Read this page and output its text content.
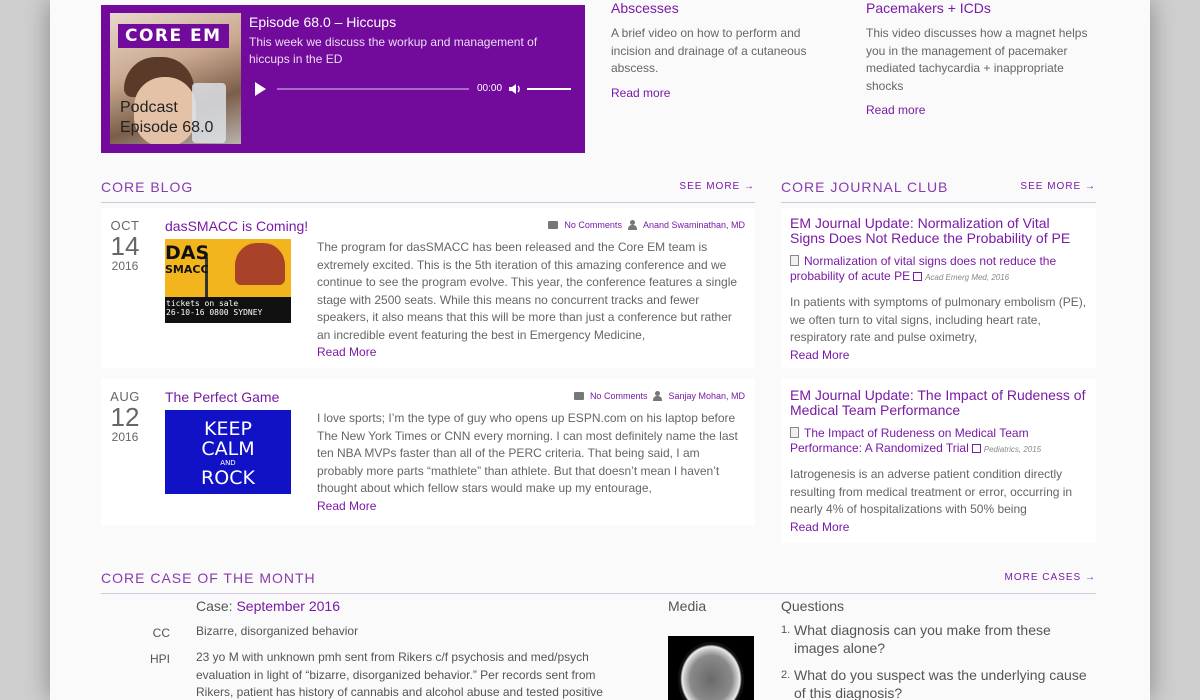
CORE EM
Podcast
Episode 68.0
Episode 68.0 – Hiccups
This week we discuss the workup and management of hiccups in the ED
00:00
Abscesses

A brief video on how to perform and incision and drainage of a cutaneous abscess.

Read more
Pacemakers + ICDs

This video discusses how a magnet helps you in the management of pacemaker mediated tachycardia + inappropriate shocks

Read more
CORE BLOG	SEE MORE →
OCT
14
2016
dasSMACC is Coming!	No Comments Anand Swaminathan, MD
DAS
SMACC
tickets on sale
26-10-16 0800 SYDNEY
The program for dasSMACC has been released and the Core EM team is extremely excited. This is the 5th iteration of this amazing conference and we continue to see the program evolve. This year, the conference features a single stage with 2500 seats. While this means no concurrent tracks and fewer speakers, it also means that this will be more than just a conference but rather an incredible event featuring the best in Emergency Medicine,
Read More
AUG
12
2016
The Perfect Game	No Comments Sanjay Mohan, MD
KEEP
CALM
AND
ROCK
I love sports; I’m the type of guy who opens up ESPN.com on his laptop before The New York Times or CNN every morning. I can most definitely name the last ten NBA MVPs faster than all of the PERC criteria. That being said, I am probably more parts “mathlete” than athlete. But that doesn’t mean I haven’t thought about which fellow stars would make up my entourage,
Read More
CORE JOURNAL CLUB	SEE MORE →
EM Journal Update: Normalization of Vital Signs Does Not Reduce the Probability of PE
Normalization of vital signs does not reduce the probability of acute PE Acad Emerg Med, 2016
In patients with symptoms of pulmonary embolism (PE), we often turn to vital signs, including heart rate, respiratory rate and pulse oximetry,
Read More
EM Journal Update: The Impact of Rudeness of Medical Team Performance
The Impact of Rudeness on Medical Team Performance: A Randomized Trial Pediatrics, 2015
Iatrogenesis is an adverse patient condition directly resulting from medical treatment or error, occurring in nearly 4% of hospitalizations with 50% being
Read More
CORE CASE OF THE MONTH	MORE CASES →
Case: September 2016	Media	Questions
CC Bizarre, disorganized behavior
HPI 23 yo M with unknown pmh sent from Rikers c/f psychosis and med/psych evaluation in light of “bizarre, disorganized behavior.” Per records sent from Rikers, patient has history of cannabis and alcohol abuse and tested positive
1. What diagnosis can you make from these images alone?
2. What do you suspect was the underlying cause of this diagnosis?
